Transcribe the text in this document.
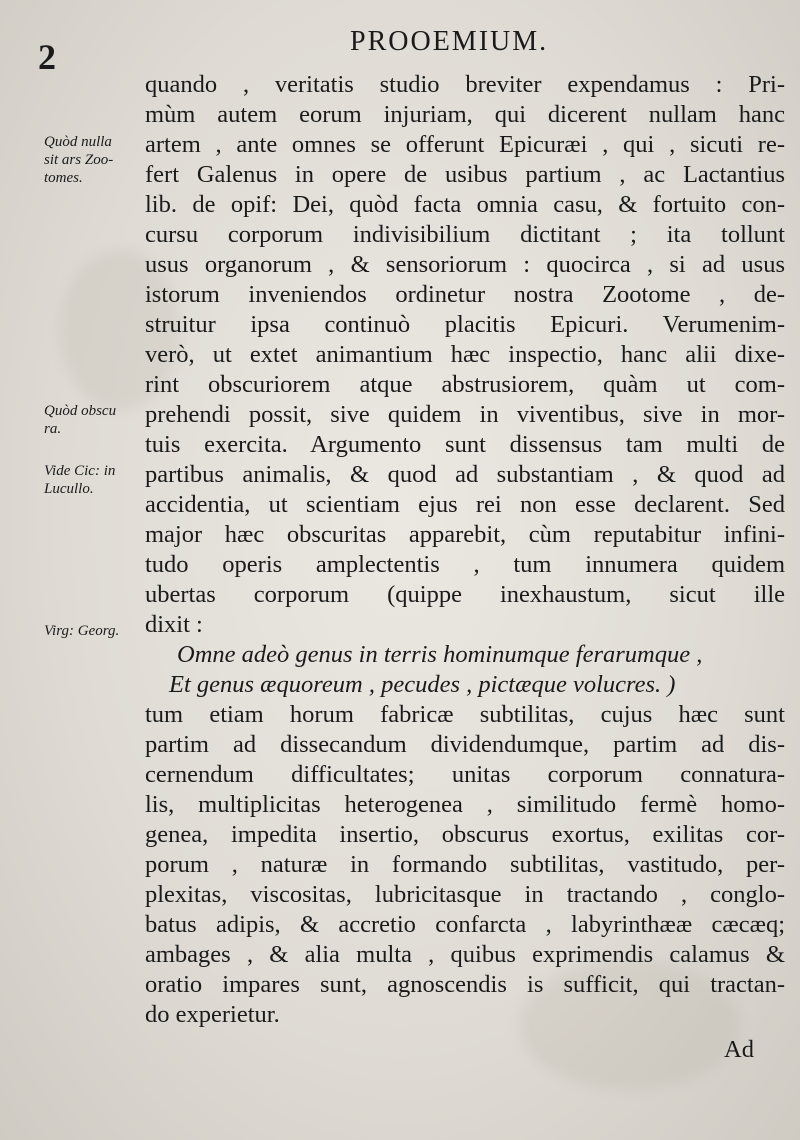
2	PROOEMIUM.
Quòd nulla
sit ars Zoo-
tomes.
Quòd obscu
ra.
Vide Cic: in
Lucullo.
Virg: Georg.
quando , veritatis studio breviter expendamus : Pri-
mùm autem eorum injuriam, qui dicerent nullam hanc
artem , ante omnes se offerunt Epicuræi , qui , sicuti re-
fert Galenus in opere de usibus partium , ac Lactantius
lib. de opif: Dei, quòd facta omnia casu, & fortuito con-
cursu corporum indivisibilium dictitant ; ita tollunt
usus organorum , & sensoriorum : quocirca , si ad usus
istorum inveniendos ordinetur nostra Zootome , de-
struitur ipsa continuò placitis Epicuri. Verumenim-
verò, ut extet animantium hæc inspectio, hanc alii dixe-
rint obscuriorem atque abstrusiorem, quàm ut com-
prehendi possit, sive quidem in viventibus, sive in mor-
tuis exercita. Argumento sunt dissensus tam multi de
partibus animalis, & quod ad substantiam , & quod ad
accidentia, ut scientiam ejus rei non esse declarent. Sed
major hæc obscuritas apparebit, cùm reputabitur infini-
tudo operis amplectentis , tum innumera quidem
ubertas corporum (quippe inexhaustum, sicut ille
dixit :
Omne adeò genus in terris hominumque ferarumque ,
Et genus æquoreum , pecudes , pictæque volucres. )
tum etiam horum fabricæ subtilitas, cujus hæc sunt
partim ad dissecandum dividendumque, partim ad dis-
cernendum difficultates; unitas corporum connatura-
lis, multiplicitas heterogenea , similitudo fermè homo-
genea, impedita insertio, obscurus exortus, exilitas cor-
porum , naturæ in formando subtilitas, vastitudo, per-
plexitas, viscositas, lubricitasque in tractando , conglo-
batus adipis, & accretio confarcta , labyrinthææ cæcæq;
ambages , & alia multa , quibus exprimendis calamus &
oratio impares sunt, agnoscendis is sufficit, qui tractan-
do experietur.
Ad
